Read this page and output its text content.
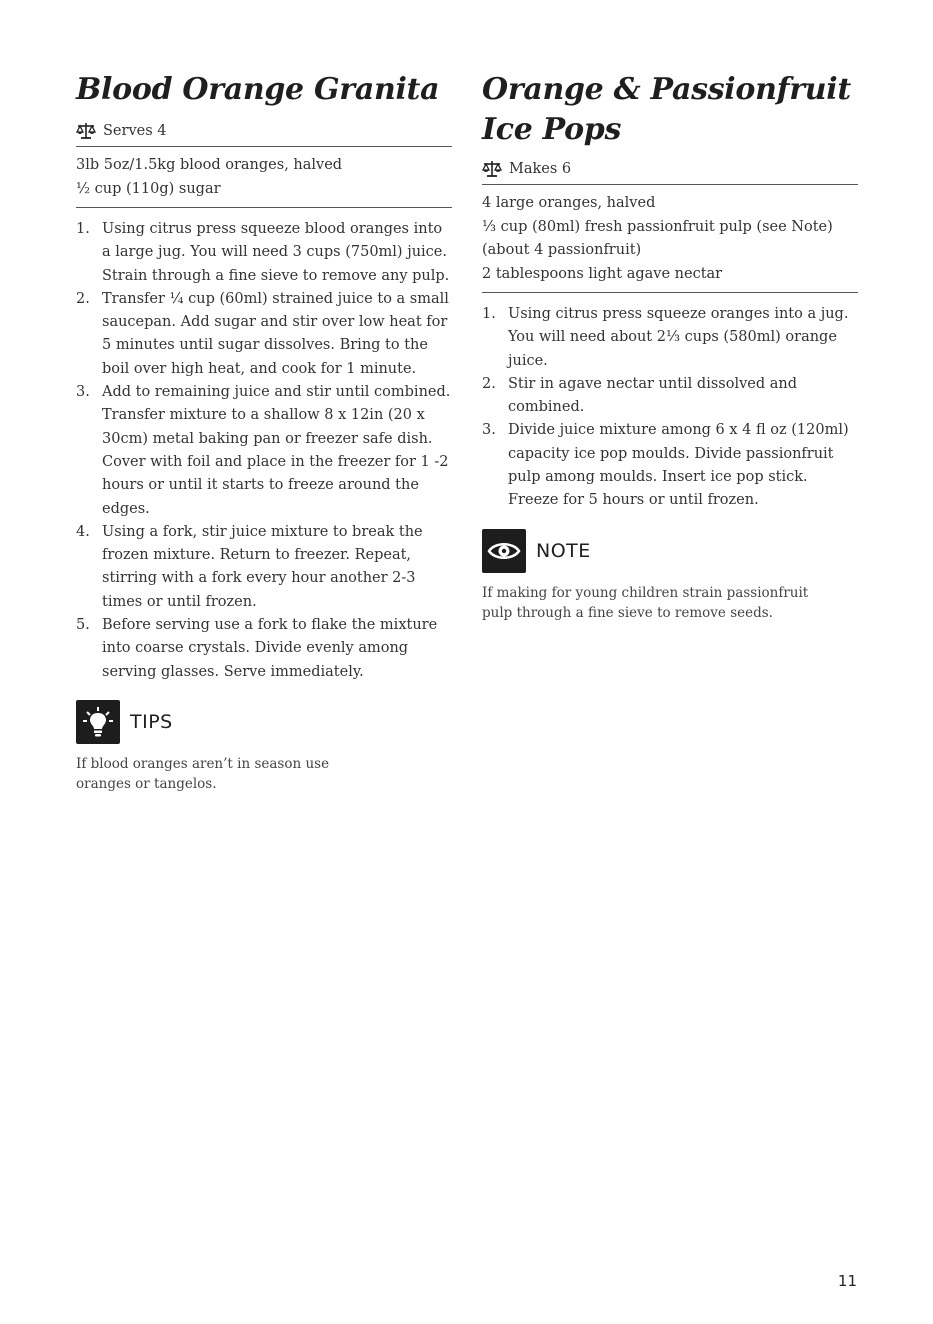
Blood Orange Granita
Serves 4
3lb 5oz/1.5kg blood oranges, halved
½ cup (110g) sugar
1. Using citrus press squeeze blood oranges into a large jug. You will need 3 cups (750ml) juice. Strain through a fine sieve to remove any pulp.
2. Transfer ¼ cup (60ml) strained juice to a small saucepan. Add sugar and stir over low heat for 5 minutes until sugar dissolves. Bring to the boil over high heat, and cook for 1 minute.
3. Add to remaining juice and stir until combined. Transfer mixture to a shallow 8 x 12in (20 x 30cm) metal baking pan or freezer safe dish. Cover with foil and place in the freezer for 1 -2 hours or until it starts to freeze around the edges.
4. Using a fork, stir juice mixture to break the frozen mixture. Return to freezer. Repeat, stirring with a fork every hour another 2-3 times or until frozen.
5. Before serving use a fork to flake the mixture into coarse crystals. Divide evenly among serving glasses. Serve immediately.
TIPS
If blood oranges aren’t in season use oranges or tangelos.
Orange & Passionfruit
Ice Pops
Makes 6
4 large oranges, halved
⅓ cup (80ml) fresh passionfruit pulp (see Note)
(about 4 passionfruit)
2 tablespoons light agave nectar
1. Using citrus press squeeze oranges into a jug. You will need about 2⅓ cups (580ml) orange juice.
2. Stir in agave nectar until dissolved and combined.
3. Divide juice mixture among 6 x 4 fl oz (120ml) capacity ice pop moulds. Divide passionfruit pulp among moulds. Insert ice pop stick. Freeze for 5 hours or until frozen.
NOTE
If making for young children strain passionfruit pulp through a fine sieve to remove seeds.
11
